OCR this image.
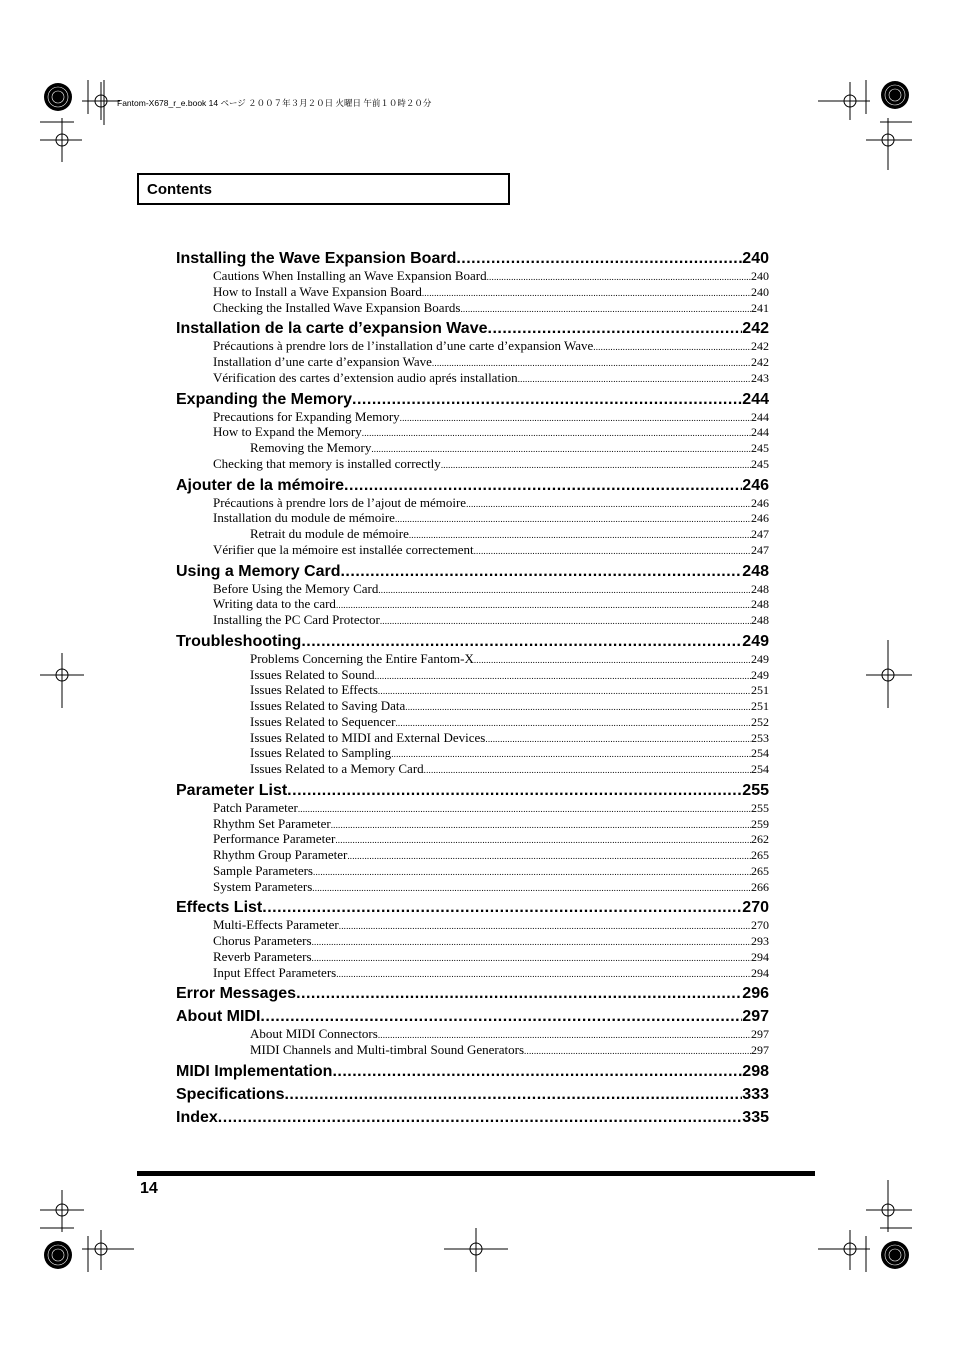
Fantom-X678_r_e.book 14 ページ ２００７年３月２０日 火曜日 午前１０時２０分
Contents
Installing the Wave Expansion Board .....	240
Cautions When Installing an Wave Expansion Board .....	240
How to Install a Wave Expansion Board .....	240
Checking the Installed Wave Expansion Boards .....	241
Installation de la carte d’expansion Wave .....	242
Précautions à prendre lors de l’installation d’une carte d’expansion Wave .....	242
Installation d’une carte d’expansion Wave .....	242
Vérification des cartes d’extension audio aprés installation .....	243
Expanding the Memory .....	244
Precautions for Expanding Memory .....	244
How to Expand the Memory .....	244
Removing the Memory .....	245
Checking that memory is installed correctly .....	245
Ajouter de la mémoire .....	246
Précautions à prendre lors de l’ajout de mémoire .....	246
Installation du module de mémoire .....	246
Retrait du module de mémoire .....	247
Vérifier que la mémoire est installée correctement .....	247
Using a Memory Card .....	248
Before Using the Memory Card .....	248
Writing data to the card .....	248
Installing the PC Card Protector .....	248
Troubleshooting .....	249
Problems Concerning the Entire Fantom-X .....	249
Issues Related to Sound .....	249
Issues Related to Effects .....	251
Issues Related to Saving Data .....	251
Issues Related to Sequencer .....	252
Issues Related to MIDI and External Devices .....	253
Issues Related to Sampling .....	254
Issues Related to a Memory Card .....	254
Parameter List .....	255
Patch Parameter .....	255
Rhythm Set Parameter .....	259
Performance Parameter .....	262
Rhythm Group Parameter .....	265
Sample Parameters .....	265
System Parameters .....	266
Effects List .....	270
Multi-Effects Parameter .....	270
Chorus Parameters .....	293
Reverb Parameters .....	294
Input Effect Parameters .....	294
Error Messages .....	296
About MIDI .....	297
About MIDI Connectors .....	297
MIDI Channels and Multi-timbral Sound Generators .....	297
MIDI Implementation .....	298
Specifications .....	333
Index .....	335
14
